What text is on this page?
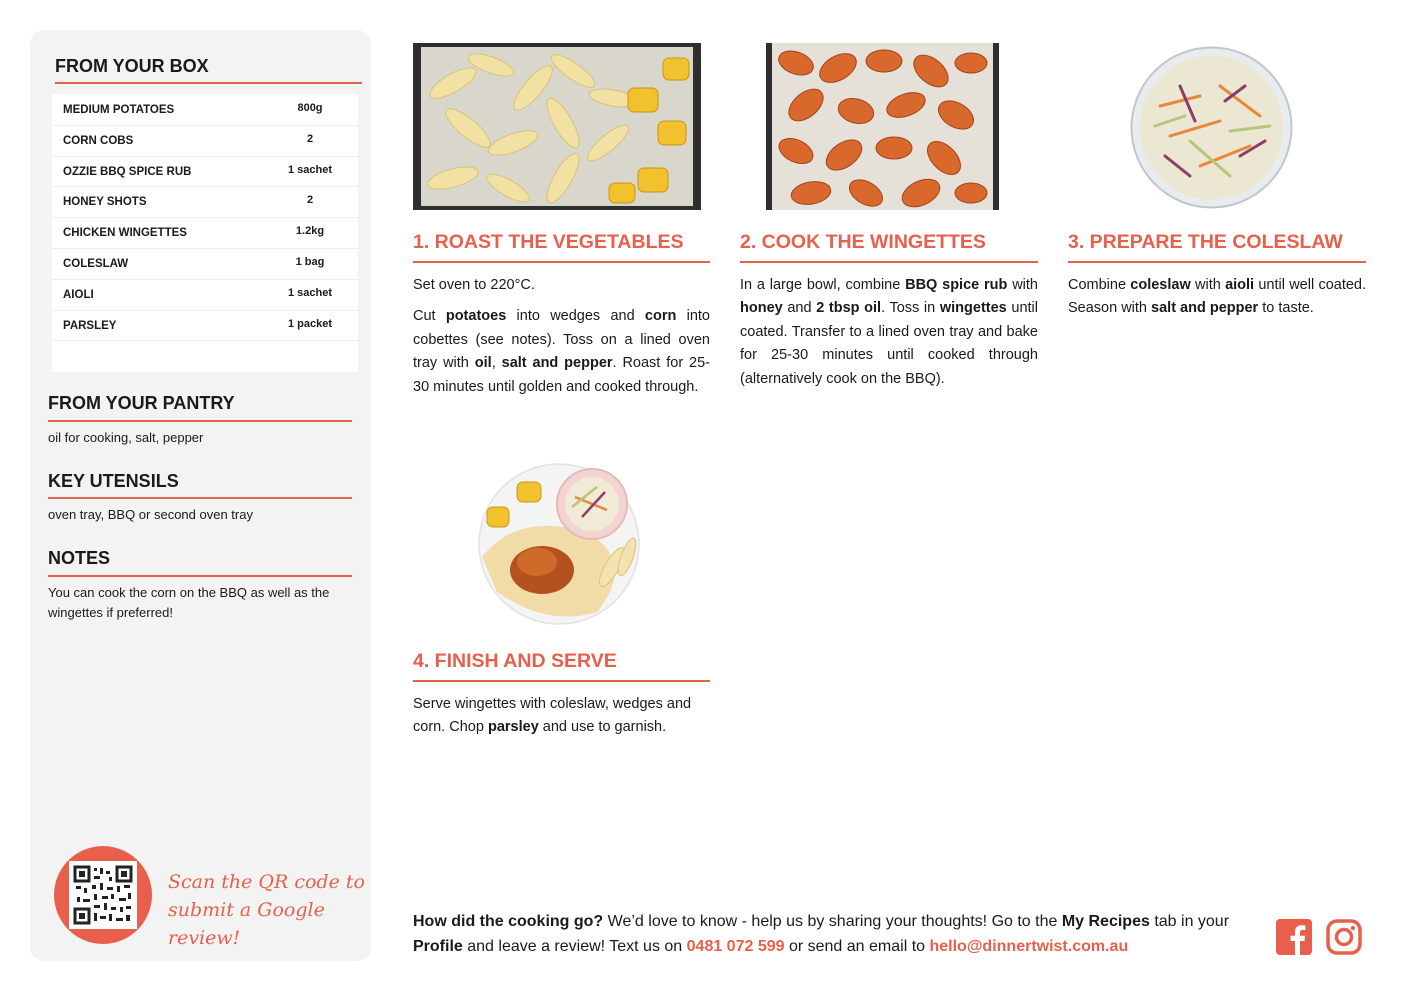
FROM YOUR BOX
MEDIUM POTATOES	800g
CORN COBS	2
OZZIE BBQ SPICE RUB	1 sachet
HONEY SHOTS	2
CHICKEN WINGETTES	1.2kg
COLESLAW	1 bag
AIOLI	1 sachet
PARSLEY	1 packet
FROM YOUR PANTRY
oil for cooking, salt, pepper
KEY UTENSILS
oven tray, BBQ or second oven tray
NOTES
You can cook the corn on the BBQ as well as the wingettes if preferred!
Scan the QR code to
submit a Google review!
1. ROAST THE VEGETABLES

Set oven to 220°C.

Cut potatoes into wedges and corn into cobettes (see notes). Toss on a lined oven tray with oil, salt and pepper. Roast for 25-30 minutes until golden and cooked through.

2. COOK THE WINGETTES

In a large bowl, combine BBQ spice rub with honey and 2 tbsp oil. Toss in wingettes until coated. Transfer to a lined oven tray and bake for 25-30 minutes until cooked through (alternatively cook on the BBQ).

3. PREPARE THE COLESLAW

Combine coleslaw with aioli until well coated. Season with salt and pepper to taste.

4. FINISH AND SERVE

Serve wingettes with coleslaw, wedges and corn. Chop parsley and use to garnish.

How did the cooking go? We’d love to know - help us by sharing your thoughts! Go to the My Recipes tab in your Profile and leave a review! Text us on 0481 072 599 or send an email to hello@dinnertwist.com.au
